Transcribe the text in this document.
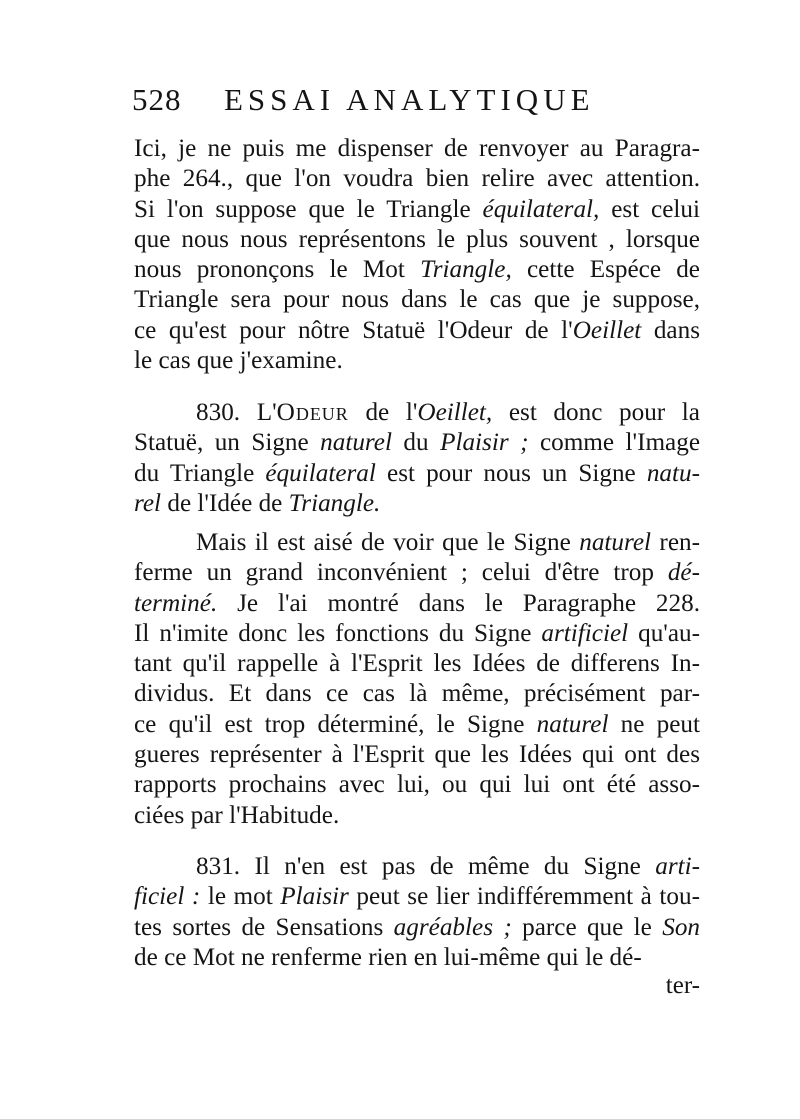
528 ESSAI ANALYTIQUE
Ici, je ne puis me dispenser de renvoyer au Paragra-
phe 264., que l'on voudra bien relire avec attention.
Si l'on suppose que le Triangle équilateral, est celui
que nous nous représentons le plus souvent , lorsque
nous prononçons le Mot Triangle, cette Espéce de
Triangle sera pour nous dans le cas que je suppose,
ce qu'est pour nôtre Statuë l'Odeur de l'Oeillet dans
le cas que j'examine.
830. L'Odeur de l'Oeillet, est donc pour la
Statuë, un Signe naturel du Plaisir ; comme l'Image
du Triangle équilateral est pour nous un Signe natu-
rel de l'Idée de Triangle.
Mais il est aisé de voir que le Signe naturel ren-
ferme un grand inconvénient ; celui d'être trop dé-
terminé. Je l'ai montré dans le Paragraphe 228.
Il n'imite donc les fonctions du Signe artificiel qu'au-
tant qu'il rappelle à l'Esprit les Idées de differens In-
dividus. Et dans ce cas là même, précisément par-
ce qu'il est trop déterminé, le Signe naturel ne peut
gueres représenter à l'Esprit que les Idées qui ont des
rapports prochains avec lui, ou qui lui ont été asso-
ciées par l'Habitude.
831. Il n'en est pas de même du Signe arti-
ficiel : le mot Plaisir peut se lier indifféremment à tou-
tes sortes de Sensations agréables ; parce que le Son
de ce Mot ne renferme rien en lui-même qui le dé-
ter-
